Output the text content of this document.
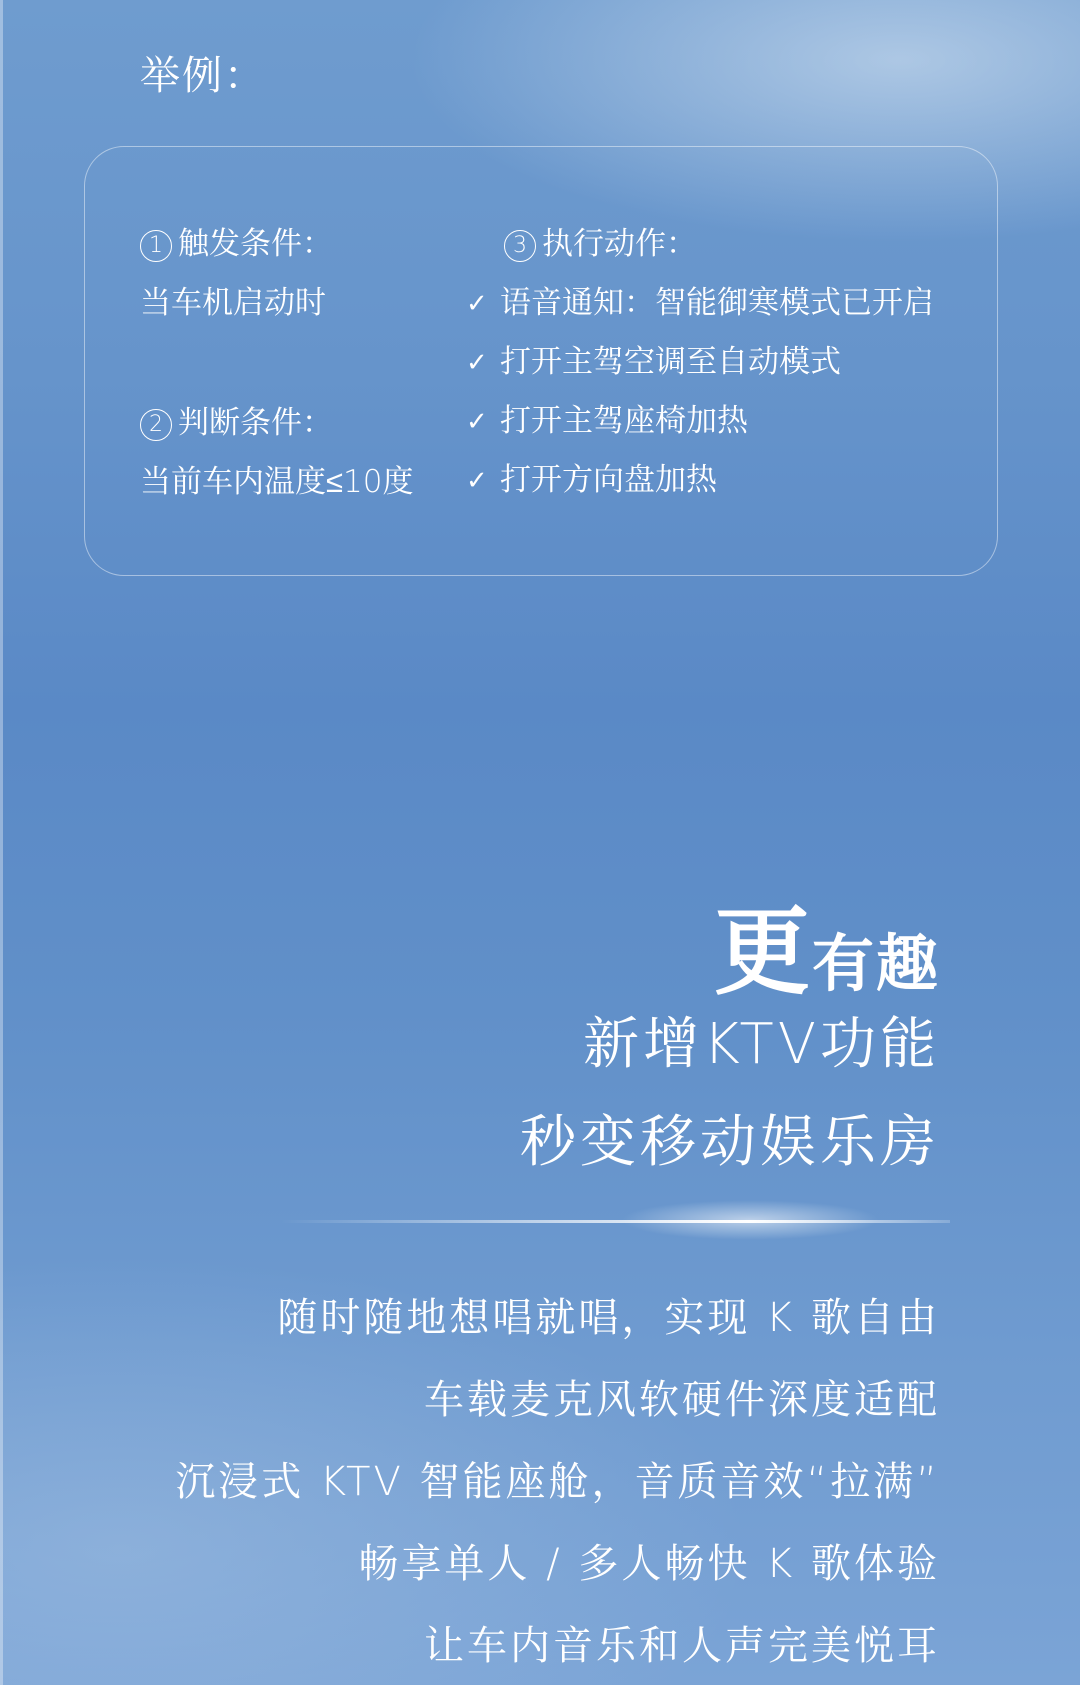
举例：
1 触发条件：
当车机启动时
2 判断条件：
当前车内温度≤10度
3 执行动作：
✓ 语音通知：智能御寒模式已开启
✓ 打开主驾空调至自动模式
✓ 打开主驾座椅加热
✓ 打开方向盘加热
更有趣
新增KTV功能
秒变移动娱乐房
随时随地想唱就唱，实现 K 歌自由
车载麦克风软硬件深度适配
沉浸式 KTV 智能座舱，音质音效“拉满”
畅享单人 / 多人畅快 K 歌体验
让车内音乐和人声完美悦耳
